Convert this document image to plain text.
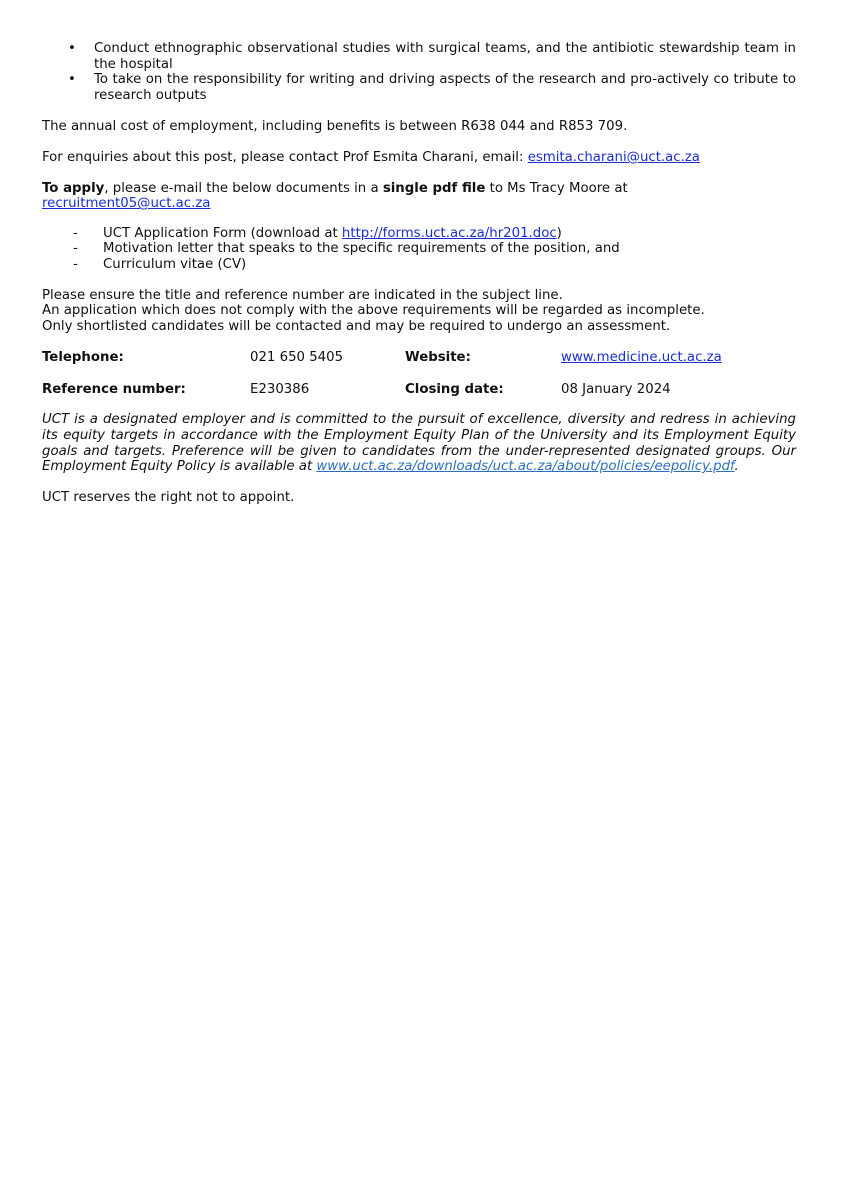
• Conduct ethnographic observational studies with surgical teams, and the antibiotic stewardship team in the hospital
• To take on the responsibility for writing and driving aspects of the research and pro-actively co tribute to research outputs

The annual cost of employment, including benefits is between R638 044 and R853 709.

For enquiries about this post, please contact Prof Esmita Charani, email: esmita.charani@uct.ac.za

To apply, please e-mail the below documents in a single pdf file to Ms Tracy Moore at recruitment05@uct.ac.za

- UCT Application Form (download at http://forms.uct.ac.za/hr201.doc)
- Motivation letter that speaks to the specific requirements of the position, and
- Curriculum vitae (CV)

Please ensure the title and reference number are indicated in the subject line.

An application which does not comply with the above requirements will be regarded as incomplete.

Only shortlisted candidates will be contacted and may be required to undergo an assessment.

Telephone:	021 650 5405	Website:	www.medicine.uct.ac.za
Reference number:	E230386	Closing date:	08 January 2024

UCT is a designated employer and is committed to the pursuit of excellence, diversity and redress in achieving its equity targets in accordance with the Employment Equity Plan of the University and its Employment Equity goals and targets. Preference will be given to candidates from the under-represented designated groups. Our Employment Equity Policy is available at www.uct.ac.za/downloads/uct.ac.za/about/policies/eepolicy.pdf.

UCT reserves the right not to appoint.
